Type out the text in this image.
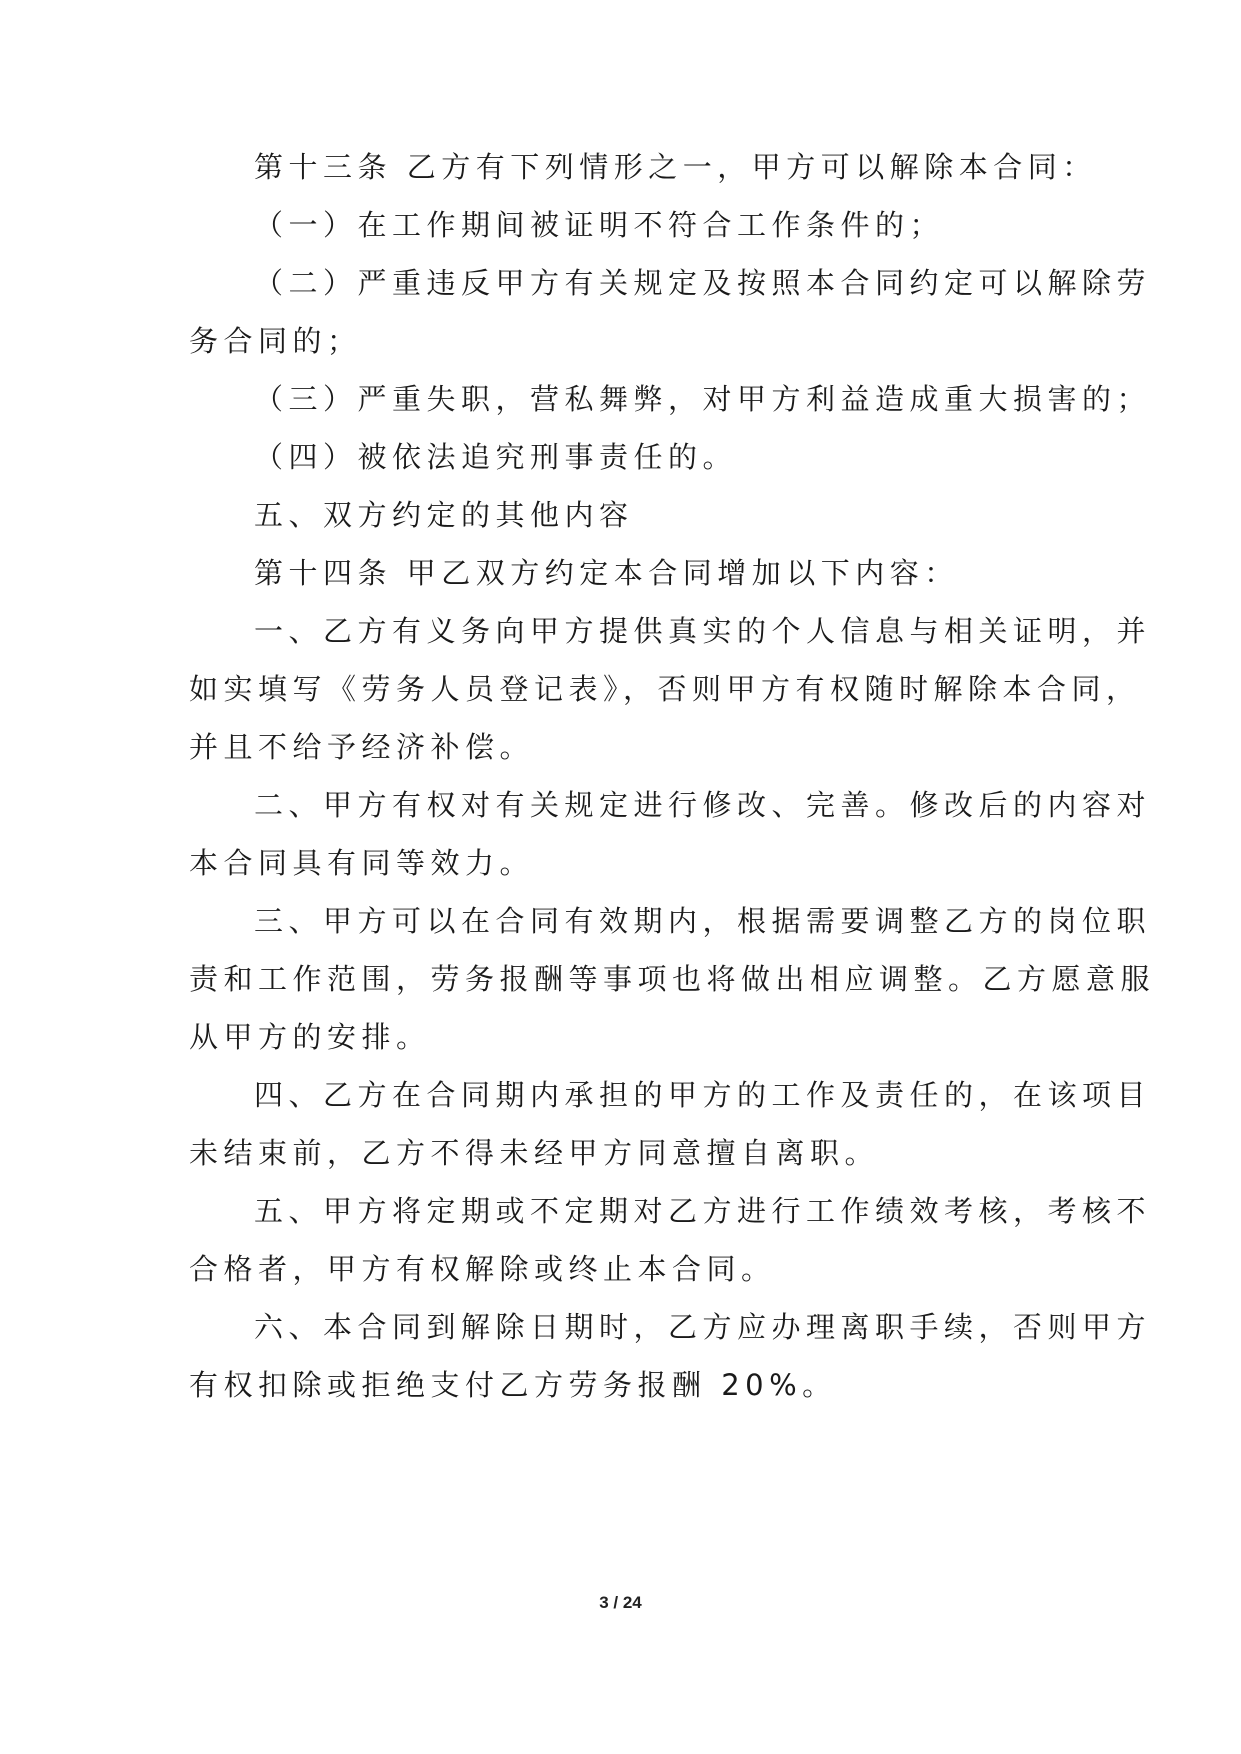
第十三条 乙方有下列情形之一，甲方可以解除本合同：
（一）在工作期间被证明不符合工作条件的；
（二）严重违反甲方有关规定及按照本合同约定可以解除劳
务合同的；
（三）严重失职，营私舞弊，对甲方利益造成重大损害的；
（四）被依法追究刑事责任的。
五、双方约定的其他内容
第十四条 甲乙双方约定本合同增加以下内容：
一、乙方有义务向甲方提供真实的个人信息与相关证明，并
如实填写《劳务人员登记表》，否则甲方有权随时解除本合同，
并且不给予经济补偿。
二、甲方有权对有关规定进行修改、完善。修改后的内容对
本合同具有同等效力。
三、甲方可以在合同有效期内，根据需要调整乙方的岗位职
责和工作范围，劳务报酬等事项也将做出相应调整。乙方愿意服
从甲方的安排。
四、乙方在合同期内承担的甲方的工作及责任的，在该项目
未结束前，乙方不得未经甲方同意擅自离职。
五、甲方将定期或不定期对乙方进行工作绩效考核，考核不
合格者，甲方有权解除或终止本合同。
六、本合同到解除日期时，乙方应办理离职手续，否则甲方
有权扣除或拒绝支付乙方劳务报酬 20%。
3 / 24
